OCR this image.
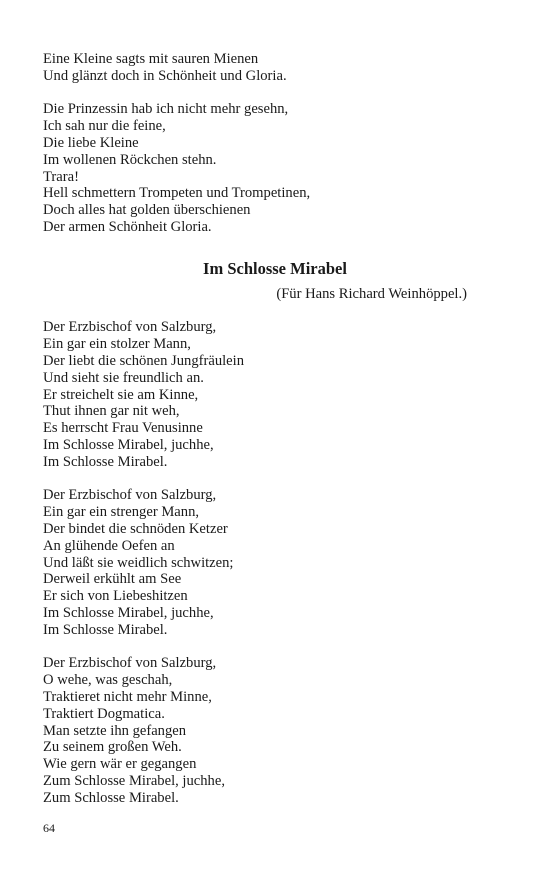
Eine Kleine sagts mit sauren Mienen
Und glänzt doch in Schönheit und Gloria.
Die Prinzessin hab ich nicht mehr gesehn,
Ich sah nur die feine,
Die liebe Kleine
Im wollenen Röckchen stehn.
Trara!
Hell schmettern Trompeten und Trompetinen,
Doch alles hat golden überschienen
Der armen Schönheit Gloria.
Im Schlosse Mirabel

(Für Hans Richard Weinhöppel.)

Der Erzbischof von Salzburg,
Ein gar ein stolzer Mann,
Der liebt die schönen Jungfräulein
Und sieht sie freundlich an.
Er streichelt sie am Kinne,
Thut ihnen gar nit weh,
Es herrscht Frau Venusinne
Im Schlosse Mirabel, juchhe,
Im Schlosse Mirabel.
Der Erzbischof von Salzburg,
Ein gar ein strenger Mann,
Der bindet die schnöden Ketzer
An glühende Oefen an
Und läßt sie weidlich schwitzen;
Derweil erkühlt am See
Er sich von Liebeshitzen
Im Schlosse Mirabel, juchhe,
Im Schlosse Mirabel.
Der Erzbischof von Salzburg,
O wehe, was geschah,
Traktieret nicht mehr Minne,
Traktiert Dogmatica.
Man setzte ihn gefangen
Zu seinem großen Weh.
Wie gern wär er gegangen
Zum Schlosse Mirabel, juchhe,
Zum Schlosse Mirabel.

64
